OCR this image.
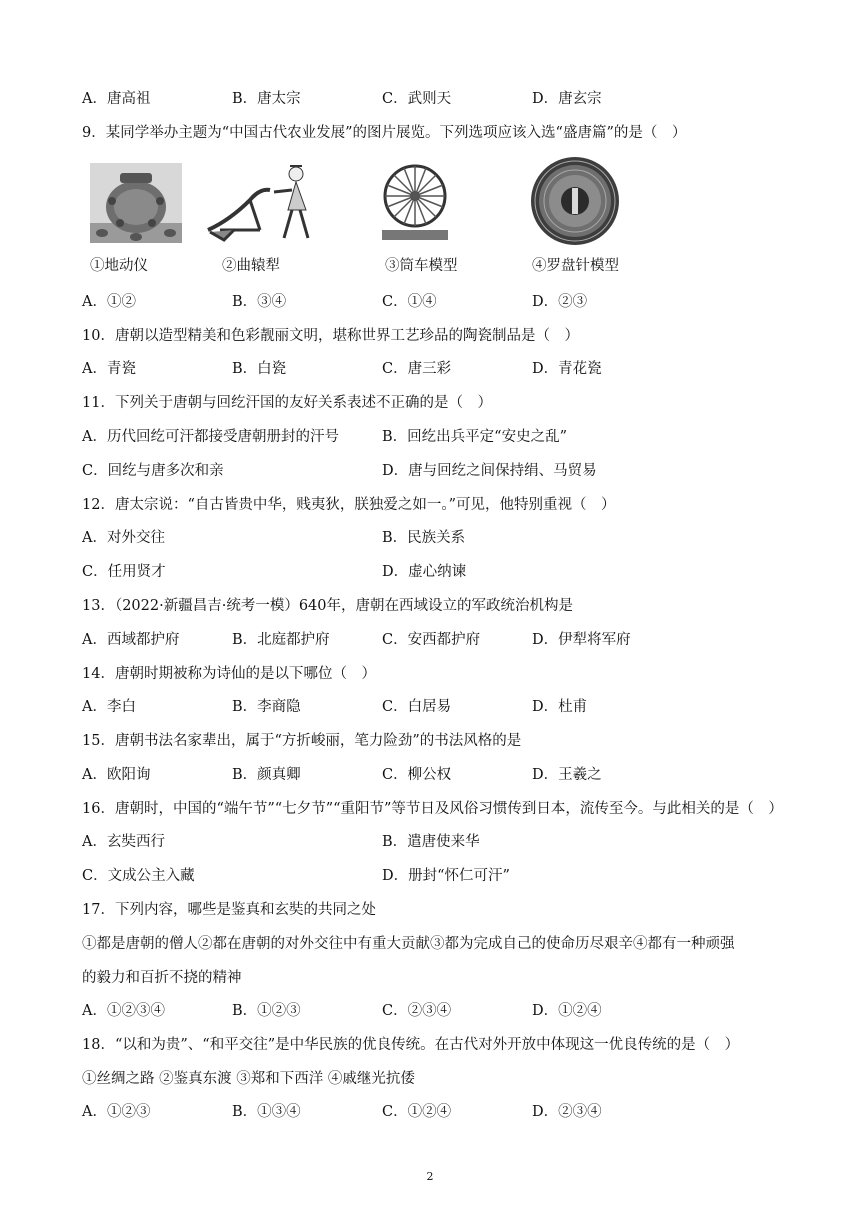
A．唐高祖	B．唐太宗	C．武则天	D．唐玄宗
9．某同学举办主题为“中国古代农业发展”的图片展览。下列选项应该入选“盛唐篇”的是（　）
①地动仪	②曲辕犁	③筒车模型	④罗盘针模型
A．①②	B．③④	C．①④	D．②③
10．唐朝以造型精美和色彩靓丽文明，堪称世界工艺珍品的陶瓷制品是（　）
A．青瓷	B．白瓷	C．唐三彩	D．青花瓷
11．下列关于唐朝与回纥汗国的友好关系表述不正确的是（　）
A．历代回纥可汗都接受唐朝册封的汗号	B．回纥出兵平定“安史之乱”
C．回纥与唐多次和亲	D．唐与回纥之间保持绢、马贸易
12．唐太宗说：“自古皆贵中华，贱夷狄，朕独爱之如一。”可见，他特别重视（　）
A．对外交往	B．民族关系
C．任用贤才	D．虚心纳谏
13．（2022·新疆昌吉·统考一模）640年，唐朝在西域设立的军政统治机构是
A．西域都护府	B．北庭都护府	C．安西都护府	D．伊犁将军府
14．唐朝时期被称为诗仙的是以下哪位（　）
A．李白	B．李商隐	C．白居易	D．杜甫
15．唐朝书法名家辈出，属于“方折峻丽，笔力险劲”的书法风格的是
A．欧阳询	B．颜真卿	C．柳公权	D．王羲之
16．唐朝时，中国的“端午节”“七夕节”“重阳节”等节日及风俗习惯传到日本，流传至今。与此相关的是（　）
A．玄奘西行	B．遣唐使来华
C．文成公主入藏	D．册封“怀仁可汗”
17．下列内容，哪些是鉴真和玄奘的共同之处
①都是唐朝的僧人②都在唐朝的对外交往中有重大贡献③都为完成自己的使命历尽艰辛④都有一种顽强
的毅力和百折不挠的精神
A．①②③④	B．①②③	C．②③④	D．①②④
18．“以和为贵”、“和平交往”是中华民族的优良传统。在古代对外开放中体现这一优良传统的是（　）
①丝绸之路 ②鉴真东渡 ③郑和下西洋 ④戚继光抗倭
A．①②③	B．①③④	C．①②④	D．②③④
2
